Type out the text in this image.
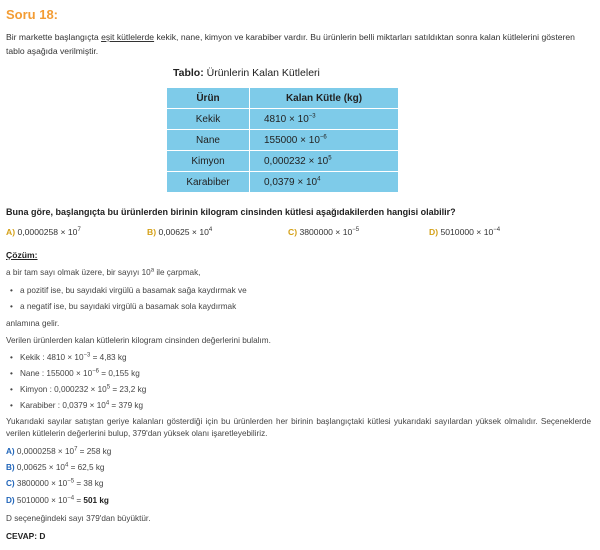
Soru 18:
Bir markette başlangıçta eşit kütlelerde kekik, nane, kimyon ve karabiber vardır. Bu ürünlerin belli miktarları satıldıktan sonra kalan kütlelerini gösteren tablo aşağıda verilmiştir.
Tablo: Ürünlerin Kalan Kütleleri
Ürün	Kalan Kütle (kg)
Kekik	$4810 \times 10^{-3}$
Nane	$155000 \times 10^{-6}$
Kimyon	$0,000232 \times 10^5$
Karabiber	$0,0379 \times 10^4$
Buna göre, başlangıçta bu ürünlerden birinin kilogram cinsinden kütlesi aşağıdakilerden hangisi olabilir?
A) $0,0000258 \times 10^7$	B) $0,00625 \times 10^4$	C) $3800000 \times 10^{-5}$	D) $5010000 \times 10^{-4}$
Çözüm:
a bir tam sayı olmak üzere, bir sayıyı 10$^a$ ile çarpmak,
• a pozitif ise, bu sayıdaki virgülü a basamak sağa kaydırmak ve
• a negatif ise, bu sayıdaki virgülü a basamak sola kaydırmak
anlamına gelir.
Verilen ürünlerden kalan kütlelerin kilogram cinsinden değerlerini bulalım.
• Kekik : $4810 \times 10^{-3} = 4,83$ kg
• Nane : $155000 \times 10^{-6} = 0,155$ kg
• Kimyon : $0,000232 \times 10^5 = 23,2$ kg
• Karabiber : $0,0379 \times 10^4 = 379$ kg
Yukarıdaki sayılar satıştan geriye kalanları gösterdiği için bu ürünlerden her birinin başlangıçtaki kütlesi yukarıdaki sayılardan yüksek olmalıdır. Seçeneklerde verilen kütlelerin değerlerini bulup, 379'dan yüksek olanı işaretleyebiliriz.
A) $0,0000258 \times 10^7 = 258$ kg
B) $0,00625 \times 10^4 = 62,5$ kg
C) $3800000 \times 10^{-5} = 38$ kg
D) $5010000 \times 10^{-4} = 501$ kg
D seçeneğindeki sayı 379'dan büyüktür.
CEVAP: D
